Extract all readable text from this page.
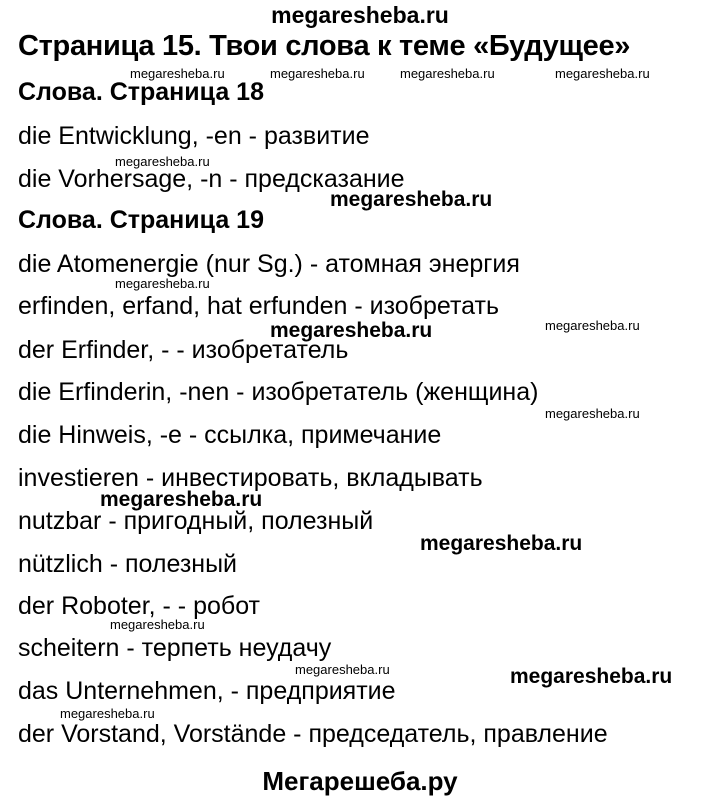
megaresheba.ru
Страница 15. Твои слова к теме «Будущее»
Слова. Страница 18
die Entwicklung, -en - развитие
die Vorhersage, -n - предсказание
Слова. Страница 19
die Atomenergie (nur Sg.) - атомная энергия
erfinden, erfand, hat erfunden - изобретать
der Erfinder, - - изобретатель
die Erfinderin, -nen - изобретатель (женщина)
die Hinweis, -e - ссылка, примечание
investieren - инвестировать, вкладывать
nutzbar - пригодный, полезный
nützlich - полезный
der Roboter, - - робот
scheitern - терпеть неудачу
das Unternehmen, - предприятие
der Vorstand, Vorstände - председатель, правление
megaresheba.ru	megaresheba.ru	megaresheba.ru	megaresheba.ru
megaresheba.ru
megaresheba.ru
megaresheba.ru
megaresheba.ru	megaresheba.ru
megaresheba.ru
megaresheba.ru
megaresheba.ru
megaresheba.ru
megaresheba.ru	megaresheba.ru
megaresheba.ru
Мегарешеба.ру
